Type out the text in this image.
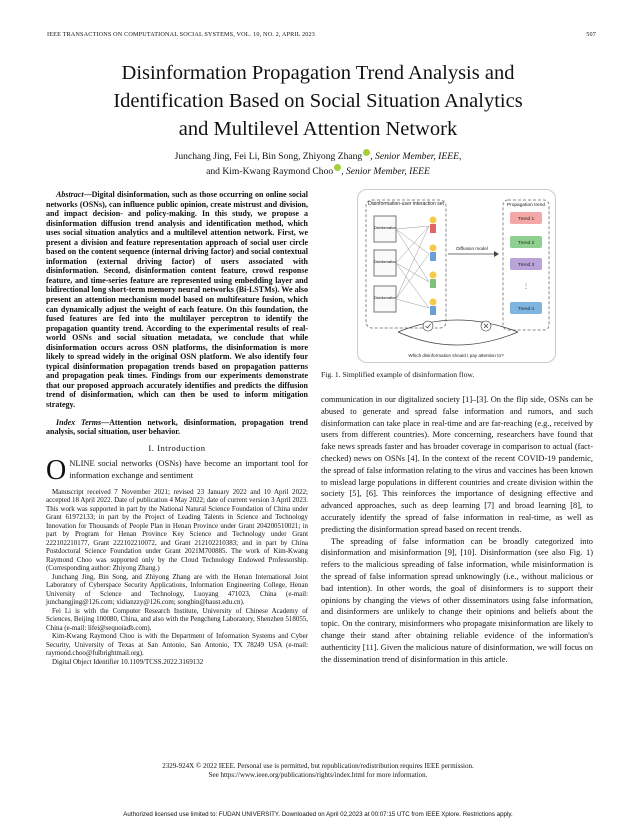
IEEE TRANSACTIONS ON COMPUTATIONAL SOCIAL SYSTEMS, VOL. 10, NO. 2, APRIL 2023	507
Disinformation Propagation Trend Analysis and
Identification Based on Social Situation Analytics
and Multilevel Attention Network
Junchang Jing, Fei Li, Bin Song, Zhiyong Zhang , Senior Member, IEEE,
and Kim-Kwang Raymond Choo , Senior Member, IEEE

Abstract—Digital disinformation, such as those occurring on online social networks (OSNs), can influence public opinion, create mistrust and division, and impact decision- and policy-making. In this study, we propose a disinformation diffusion trend analysis and identification method, which uses social situation analytics and a multilevel attention network. First, we present a division and feature representation approach of social user circle based on the content sequence (internal driving factor) and social contextual information (external driving factor) of users associated with disinformation. Second, disinformation content feature, crowd response feature, and time-series feature are represented using embedding layer and bidirectional long short-term memory neural networks (Bi-LSTMs). We also present an attention mechanism model based on multifeature fusion, which can dynamically adjust the weight of each feature. On this foundation, the fused features are fed into the multilayer perceptron to identify the propagation quantity trend. According to the experimental results of real-world OSNs and social situation metadata, we conclude that while disinformation occurs across OSN platforms, the disinformation is more likely to spread widely in the original OSN platform. We also identify four typical disinformation propagation trends based on propagation patterns and propagation peak times. Findings from our experiments demonstrate that our proposed approach accurately identifies and predicts the diffusion trend of disinformation, which can then be used to inform mitigation strategy.

Index Terms—Attention network, disinformation, propagation trend analysis, social situation, user behavior.

I. Introduction

ONLINE social networks (OSNs) have become an important tool for information exchange and sentiment

Manuscript received 7 November 2021; revised 23 January 2022 and 10 April 2022; accepted 18 April 2022. Date of publication 4 May 2022; date of current version 3 April 2023. This work was supported in part by the National Natural Science Foundation of China under Grant 61972133; in part by the Project of Leading Talents in Science and Technology Innovation for Thousands of People Plan in Henan Province under Grant 204200510021; in part by Program for Henan Province Key Science and Technology under Grant 222102210177, Grant 222102210072, and Grant 212102210383; and in part by China Postdoctoral Science Foundation under Grant 2021M700885. The work of Kim-Kwang Raymond Choo was supported only by the Cloud Technology Endowed Professorship. (Corresponding author: Zhiyong Zhang.)

Junchang Jing, Bin Song, and Zhiyong Zhang are with the Henan International Joint Laboratory of Cyberspace Security Applications, Information Engineering College, Henan University of Science and Technology, Luoyang 471023, China (e-mail: junchangjing@126.com; xidianzzy@126.com; songbin@haust.edu.cn).

Fei Li is with the Computer Research Institute, University of Chinese Academy of Sciences, Beijing 100080, China, and also with the Pengcheng Laboratory, Shenzhen 518055, China (e-mail: lifei@sequoiadb.com).

Kim-Kwang Raymond Choo is with the Department of Information Systems and Cyber Security, University of Texas at San Antonio, San Antonio, TX 78249 USA (e-mail: raymond.choo@fulbrightmail.org).

Digital Object Identifier 10.1109/TCSS.2022.3169132

Disinformation-user interaction set
Disinformation
Disinformation
Disinformation
Diffusion model
Propagation trend
Trend 1
Trend 2
Trend 3
Trend n
⋮
Which disinformation should I pay attention to?
Fig. 1. Simplified example of disinformation flow.

communication in our digitalized society [1]–[3]. On the flip side, OSNs can be abused to generate and spread false information and rumors, and such disinformation can take place in real-time and are far-reaching (e.g., received by users from different countries). More concerning, researchers have found that fake news spreads faster and has broader coverage in comparison to actual (fact-checked) news on OSNs [4]. In the context of the recent COVID-19 pandemic, the spread of false information relating to the virus and vaccines has been known to mislead large populations in different countries and create division within the society [5], [6]. This reinforces the importance of designing effective and advanced approaches, such as deep learning [7] and broad learning [8], to accurately identify the spread of false information in real-time, as well as predicting the disinformation spread based on recent trends.

The spreading of false information can be broadly categorized into disinformation and misinformation [9], [10]. Disinformation (see also Fig. 1) refers to the malicious spreading of false information, while misinformation is the spread of false information spread unknowingly (i.e., without malicious or bad intention). In other words, the goal of disinformers is to support their opinions by changing the views of other disseminators using false information, and disinformers are unlikely to change their opinions and beliefs about the topic. On the contrary, misinformers who propagate misinformation are likely to change their stand after obtaining reliable evidence of the information's authenticity [11]. Given the malicious nature of disinformation, we will focus on the dissemination trend of disinformation in this article.

2329-924X © 2022 IEEE. Personal use is permitted, but republication/redistribution requires IEEE permission.
See https://www.ieee.org/publications/rights/index.html for more information.
Authorized licensed use limited to: FUDAN UNIVERSITY. Downloaded on April 02,2023 at 00:07:15 UTC from IEEE Xplore. Restrictions apply.
